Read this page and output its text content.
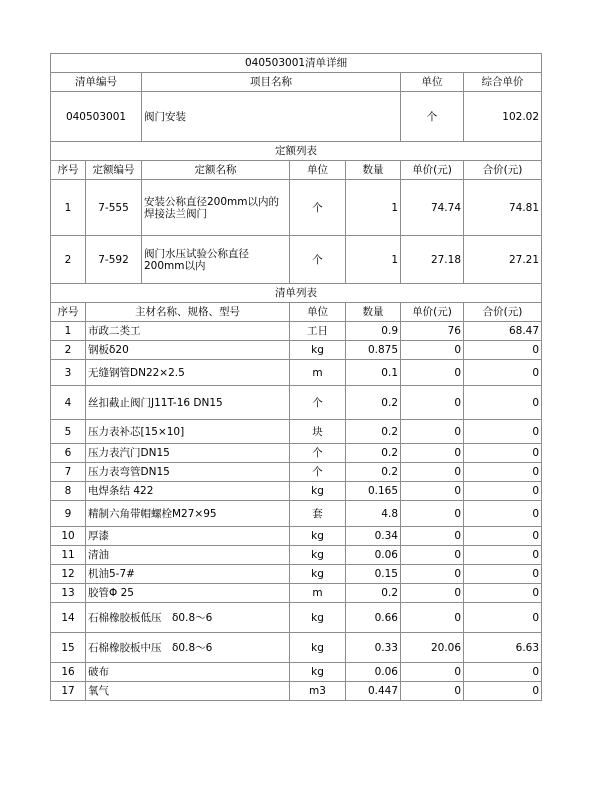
040503001清单详细						
清单编号		项目名称			单位	综合单价
040503001		阀门安装			个	102.02
定额列表						
序号	定额编号	定额名称	单位	数量	单价(元)	合价(元)
1	7-555	安装公称直径200mm以内的焊接法兰阀门	个	1	74.74	74.81
2	7-592	阀门水压试验公称直径200mm以内	个	1	27.18	27.21
清单列表						
序号	主材名称、规格、型号		单位	数量	单价(元)	合价(元)
1	市政二类工		工日	0.9	76	68.47
2	钢板δ20		kg	0.875	0	0
3	无缝钢管DN22×2.5		m	0.1	0	0
4	丝扣截止阀门J11T-16 DN15		个	0.2	0	0
5	压力表补芯[15×10]		块	0.2	0	0
6	压力表汽门DN15		个	0.2	0	0
7	压力表弯管DN15		个	0.2	0	0
8	电焊条结 422		kg	0.165	0	0
9	精制六角带帽螺栓M27×95		套	4.8	0	0
10	厚漆		kg	0.34	0	0
11	清油		kg	0.06	0	0
12	机油5-7#		kg	0.15	0	0
13	胶管Φ 25		m	0.2	0	0
14	石棉橡胶板低压　δ0.8～6		kg	0.66	0	0
15	石棉橡胶板中压　δ0.8～6		kg	0.33	20.06	6.63
16	破布		kg	0.06	0	0
17	氧气		m3	0.447	0	0
